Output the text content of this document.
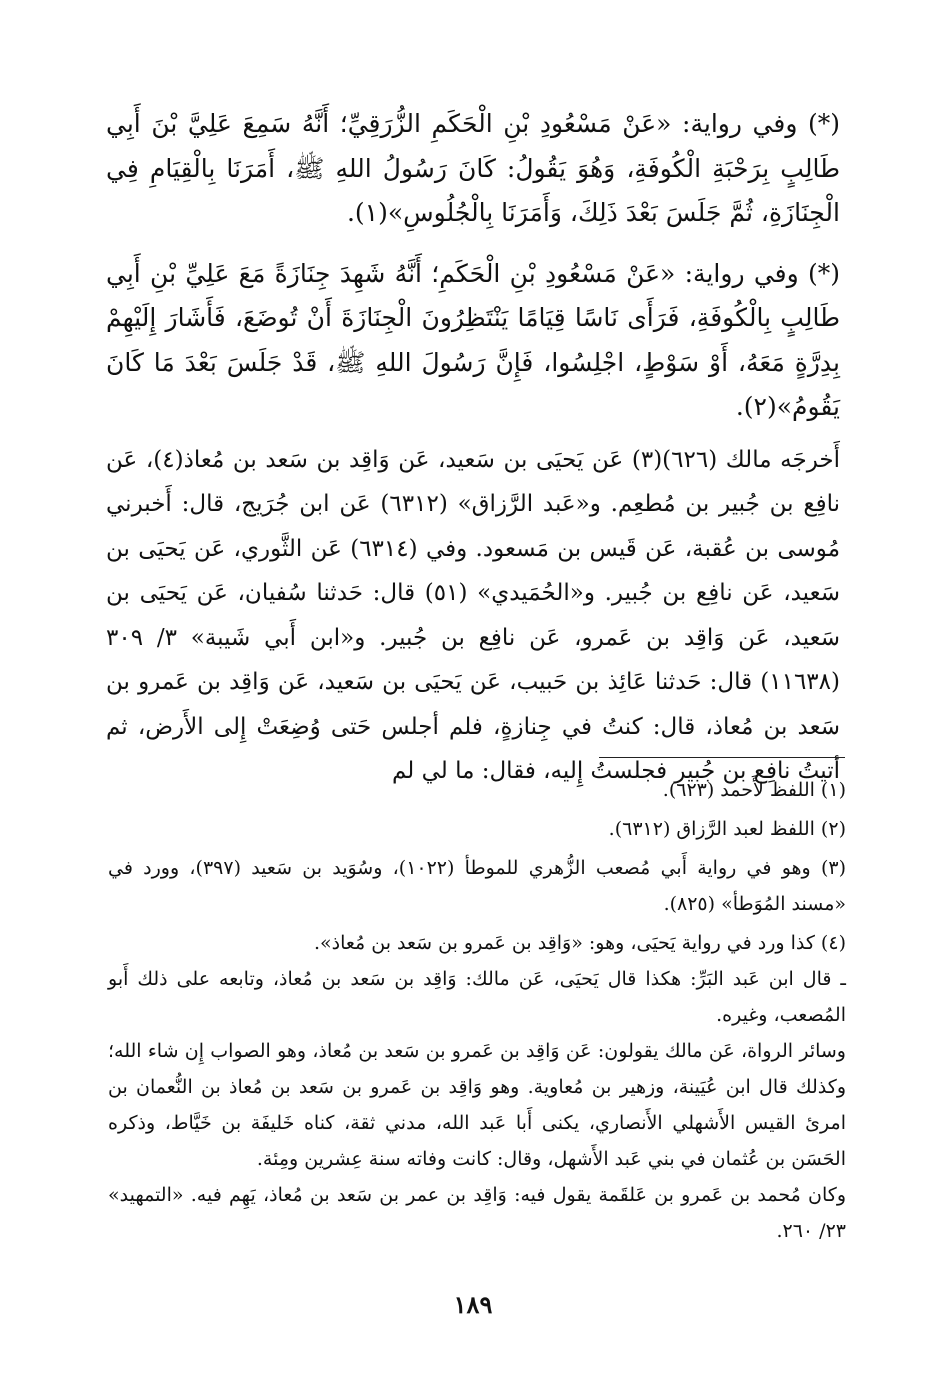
(*) وفي رواية: «عَنْ مَسْعُودِ بْنِ الْحَكَمِ الزُّرَقِيِّ؛ أَنَّهُ سَمِعَ عَلِيَّ بْنَ أَبِي طَالِبٍ بِرَحْبَةِ الْكُوفَةِ، وَهُوَ يَقُولُ: كَانَ رَسُولُ اللهِ ﷺ، أَمَرَنَا بِالْقِيَامِ فِي الْجِنَازَةِ، ثُمَّ جَلَسَ بَعْدَ ذَلِكَ، وَأَمَرَنَا بِالْجُلُوسِ»(١).

(*) وفي رواية: «عَنْ مَسْعُودِ بْنِ الْحَكَمِ؛ أَنَّهُ شَهِدَ جِنَازَةً مَعَ عَلِيِّ بْنِ أَبِي طَالِبٍ بِالْكُوفَةِ، فَرَأَى نَاسًا قِيَامًا يَنْتَظِرُونَ الْجِنَازَةَ أَنْ تُوضَعَ، فَأَشَارَ إِلَيْهِمْ بِدِرَّةٍ مَعَهُ، أَوْ سَوْطٍ، اجْلِسُوا، فَإِنَّ رَسُولَ اللهِ ﷺ، قَدْ جَلَسَ بَعْدَ مَا كَانَ يَقُومُ»(٢).

أَخرجَه مالك (٦٢٦)(٣) عَن يَحيَى بن سَعيد، عَن وَاقِد بن سَعد بن مُعاذ(٤)، عَن نافِع بن جُبير بن مُطعِم. و«عَبد الرَّزاق» (٦٣١٢) عَن ابن جُرَيج، قال: أَخبرني مُوسى بن عُقبة، عَن قَيس بن مَسعود. وفي (٦٣١٤) عَن الثَّوري، عَن يَحيَى بن سَعيد، عَن نافِع بن جُبير. و«الحُمَيدي» (٥١) قال: حَدثنا سُفيان، عَن يَحيَى بن سَعيد، عَن وَاقِد بن عَمرو، عَن نافِع بن جُبير. و«ابن أَبي شَيبة» ٣/ ٣٠٩ (١١٦٣٨) قال: حَدثنا عَائِذ بن حَبيب، عَن يَحيَى بن سَعيد، عَن وَاقِد بن عَمرو بن سَعد بن مُعاذ، قال: كنتُ في جِنازةٍ، فلم أجلس حَتى وُضِعَتْ إِلى الأَرض، ثم أتيتُ نافِع بن جُبير فجلستُ إِليه، فقال: ما لي لم

(١) اللفظ لأَحمد (٦٢٣).

(٢) اللفظ لعبد الرَّزاق (٦٣١٢).

(٣) وهو في رواية أَبي مُصعب الزُّهري للموطأ (١٠٢٢)، وسُوَيد بن سَعيد (٣٩٧)، وورد في «مسند المُوَطأ» (٨٢٥).

(٤) كذا ورد في رواية يَحيَى، وهو: «وَاقِد بن عَمرو بن سَعد بن مُعاذ».

ـ قال ابن عَبد البَرِّ: هكذا قال يَحيَى، عَن مالك: وَاقِد بن سَعد بن مُعاذ، وتابعه على ذلك أَبو المُصعب، وغيره.

وسائر الرواة، عَن مالك يقولون: عَن وَاقِد بن عَمرو بن سَعد بن مُعاذ، وهو الصواب إِن شاء الله؛ وكذلك قال ابن عُيَينة، وزهير بن مُعاوية. وهو وَاقِد بن عَمرو بن سَعد بن مُعاذ بن النُّعمان بن امرئ القيس الأَشهلي الأَنصاري، يكنى أَبا عَبد الله، مدني ثقة، كناه خَليفَة بن خَيَّاط، وذكره الحَسَن بن عُثمان في بني عَبد الأَشهل، وقال: كانت وفاته سنة عِشرين ومِئة.

وكان مُحمد بن عَمرو بن عَلقَمة يقول فيه: وَاقِد بن عمر بن سَعد بن مُعاذ، يَهِم فيه. «التمهيد» ٢٣/ ٢٦٠.

١٨٩
